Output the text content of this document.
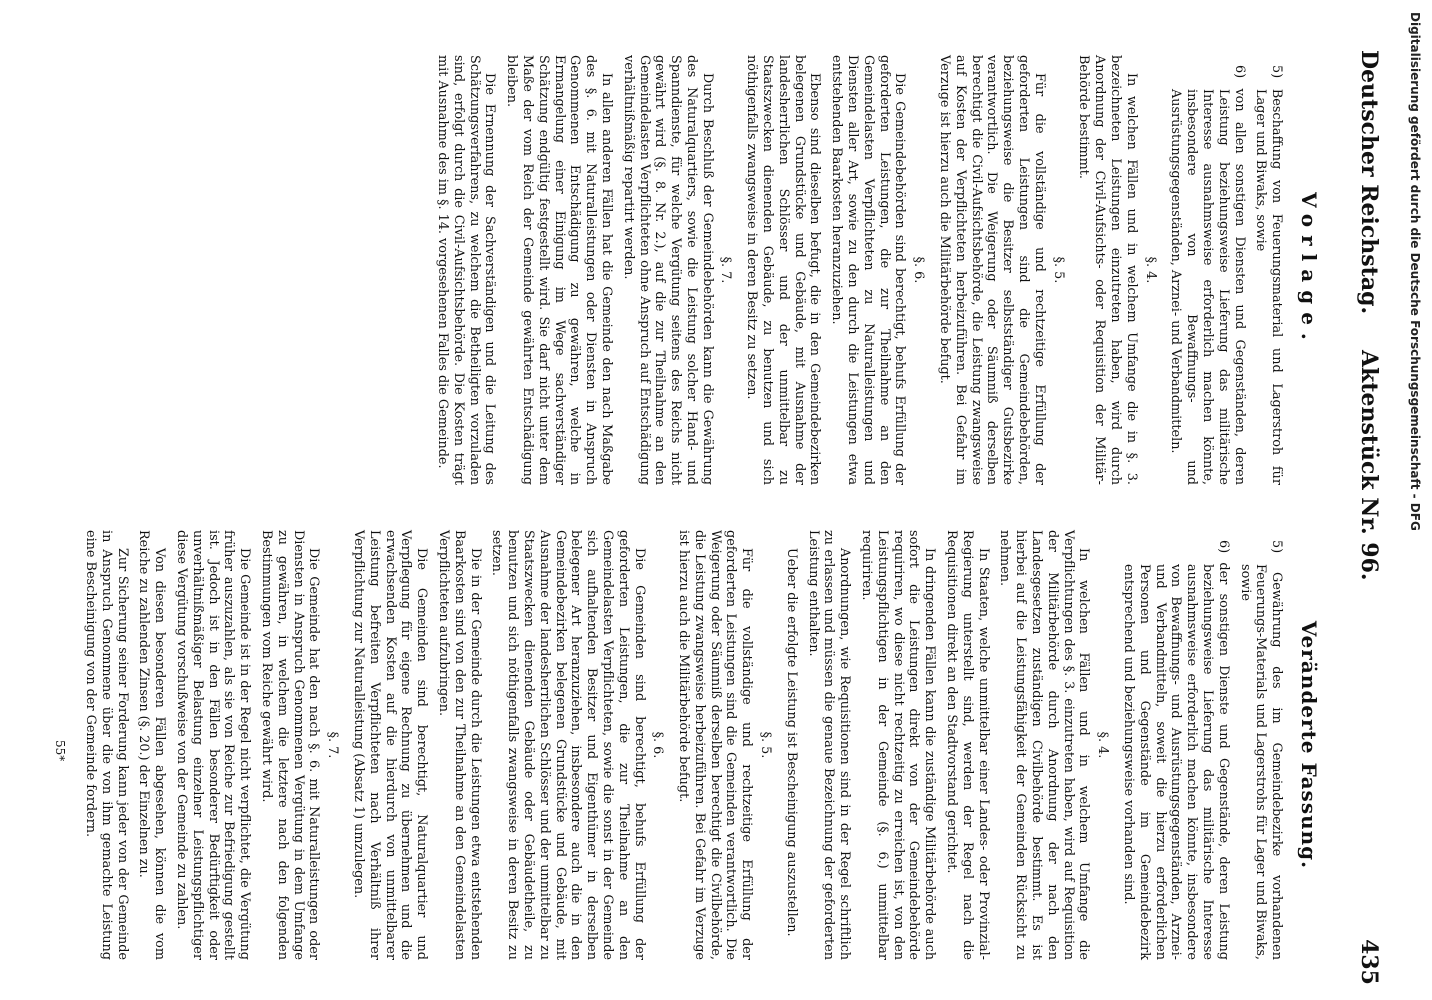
Deutscher Reichstag.
Aktenstück Nr. 96.
435
Vorlage.
5) Beschaffung von Feuerungsmaterial und Lagerstroh für Lager und Biwaks, sowie
6) von allen sonstigen Diensten und Gegenständen, deren Leistung beziehungsweise Lieferung das militärische Interesse ausnahmsweise erforderlich machen könnte, insbesondere von Bewaffnungs- und Ausrüstungsgegenständen, Arznei- und Verbandmitteln.
§. 4.
In welchen Fällen und in welchem Umfange die in §. 3. bezeichneten Leistungen einzutreten haben, wird durch Anordnung der Civil-Aufsichts- oder Requisition der Militär-Behörde bestimmt.
§. 5.
Für die vollständige und rechtzeitige Erfüllung der geforderten Leistungen sind die Gemeindebehörden, beziehungsweise die Besitzer selbstständiger Gutsbezirke verantwortlich. Die Weigerung oder Säumniß derselben berechtigt die Civil-Aufsichtsbehörde, die Leistung zwangsweise auf Kosten der Verpflichteten herbeizuführen. Bei Gefahr im Verzuge ist hierzu auch die Militärbehörde befugt.
§. 6.
Die Gemeindebehörden sind berechtigt, behufs Erfüllung der geforderten Leistungen, die zur Theilnahme an den Gemeindelasten Verpflichteten zu Naturalleistungen und Diensten aller Art, sowie zu den durch die Leistungen etwa entstehenden Baarkosten heranzuziehen.
Ebenso sind dieselben befugt, die in den Gemeindebezirken belegenen Grundstücke und Gebäude, mit Ausnahme der landesherrlichen Schlösser und der unmittelbar zu Staatszwecken dienenden Gebäude, zu benutzen und sich nöthigenfalls zwangsweise in deren Besitz zu setzen.
§. 7.
Durch Beschluß der Gemeindebehörden kann die Gewährung des Naturalquartiers, sowie die Leistung solcher Hand- und Spanndienste, für welche Vergütung seitens des Reichs nicht gewährt wird (§. 8. Nr. 2.), auf die zur Theilnahme an den Gemeindelasten Verpflichteten ohne Anspruch auf Entschädigung verhältnißmäßig repartirt werden.
In allen anderen Fällen hat die Gemeinde den nach Maßgabe des §. 6. mit Naturalleistungen oder Diensten in Anspruch Genommenen Entschädigung zu gewähren, welche in Ermangelung einer Einigung im Wege sachverständiger Schätzung endgültig festgestellt wird. Sie darf nicht unter dem Maße der vom Reich der Gemeinde gewährten Entschädigung bleiben.
Die Ernennung der Sachverständigen und die Leitung des Schätzungsverfahrens, zu welchem die Betheiligten vorzuladen sind, erfolgt durch die Civil-Aufsichtsbehörde. Die Kosten trägt mit Ausnahme des im §. 14. vorgesehenen Falles die Gemeinde.
Veränderte Fassung.
5) Gewährung des im Gemeindebezirke vorhandenen Feuerungs-Materials und Lagerstrohs für Lager und Biwaks, sowie
6) der sonstigen Dienste und Gegenstände, deren Leistung beziehungsweise Lieferung das militärische Interesse ausnahmsweise erforderlich machen könnte, insbesondere von Bewaffnungs- und Ausrüstungsgegenständen, Arznei- und Verbandmitteln, soweit die hierzu erforderlichen Personen und Gegenstände im Gemeindebezirk entsprechend und beziehungsweise vorhanden sind.
§. 4.
In welchen Fällen und in welchem Umfange die Verpflichtungen des §. 3. einzutreten haben, wird auf Requisition der Militärbehörde durch Anordnung der nach den Landesgesetzen zuständigen Civilbehörde bestimmt. Es ist hierbei auf die Leistungsfähigkeit der Gemeinden Rücksicht zu nehmen.
In Staaten, welche unmittelbar einer Landes- oder Provinzial-Regierung unterstellt sind, werden der Regel nach die Requisitionen direkt an den Stadtvorstand gerichtet.
In dringenden Fällen kann die zuständige Militärbehörde auch sofort die Leistungen direkt von der Gemeindebehörde requiriren, wo diese nicht rechtzeitig zu erreichen ist, von den Leistungspflichtigen in der Gemeinde (§. 6.) unmittelbar requiriren.
Anordnungen, wie Requisitionen sind in der Regel schriftlich zu erlassen und müssen die genaue Bezeichnung der geforderten Leistung enthalten.
Ueber die erfolgte Leistung ist Bescheinigung auszustellen.
§. 5.
Für die vollständige und rechtzeitige Erfüllung der geforderten Leistungen sind die Gemeinden verantwortlich. Die Weigerung oder Säumniß derselben berechtigt die Civilbehörde, die Leistung zwangsweise herbeizuführen. Bei Gefahr im Verzuge ist hierzu auch die Militärbehörde befugt.
§. 6.
Die Gemeinden sind berechtigt, behufs Erfüllung der geforderten Leistungen, die zur Theilnahme an den Gemeindelasten Verpflichteten, sowie die sonst in der Gemeinde sich aufhaltenden Besitzer und Eigenthümer in derselben belegener Art heranzuziehen, insbesondere auch die in den Gemeindebezirken belegenen Grundstücke und Gebäude, mit Ausnahme der landesherrlichen Schlösser und der unmittelbar zu Staatszwecken dienenden Gebäude oder Gebäudetheile, zu benutzen und sich nöthigenfalls zwangsweise in deren Besitz zu setzen.
Die in der Gemeinde durch die Leistungen etwa entstehenden Baarkosten sind von den zur Theilnahme an den Gemeindelasten Verpflichteten aufzubringen.
Die Gemeinden sind berechtigt, Naturalquartier und Verpflegung für eigene Rechnung zu übernehmen und die erwachsenden Kosten auf die hierdurch von unmittelbarer Leistung befreiten Verpflichteten nach Verhältniß ihrer Verpflichtung zur Naturalleistung (Absatz 1) umzulegen.
§. 7.
Die Gemeinde hat den nach §. 6. mit Naturalleistungen oder Diensten in Anspruch Genommenen Vergütung in dem Umfange zu gewähren, in welchem die letztere nach den folgenden Bestimmungen vom Reiche gewährt wird.
Die Gemeinde ist in der Regel nicht verpflichtet, die Vergütung früher auszuzahlen, als sie von Reiche zur Befriedigung gestellt ist. Jedoch ist in den Fällen besonderer Bedürftigkeit oder unverhältnißmäßiger Belastung einzelner Leistungspflichtiger diese Vergütung vorschußweise von der Gemeinde zu zahlen.
Von diesen besonderen Fällen abgesehen, können die vom Reiche zu zahlenden Zinsen (§. 20.) der Einzelnen zu.
Zur Sicherung seiner Forderung kann jeder von der Gemeinde in Anspruch Genommene über die von ihm gemachte Leistung eine Bescheinigung von der Gemeinde fordern.
55*
Digitalisierung gefördert durch die Deutsche Forschungsgemeinschaft - DFG
